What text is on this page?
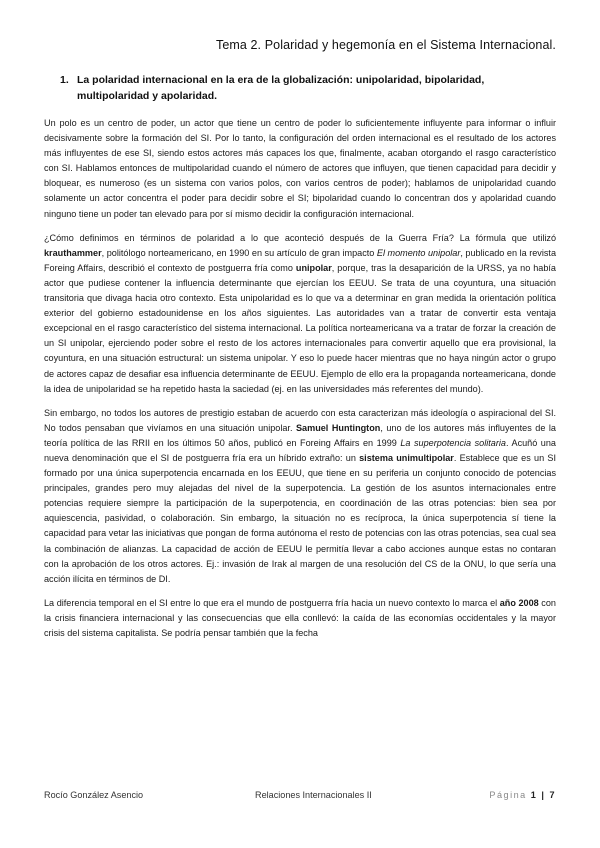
Tema 2. Polaridad y hegemonía en el Sistema Internacional.
1. La polaridad internacional en la era de la globalización: unipolaridad, bipolaridad, multipolaridad y apolaridad.

Un polo es un centro de poder, un actor que tiene un centro de poder lo suficientemente influyente para informar o influir decisivamente sobre la formación del SI. Por lo tanto, la configuración del orden internacional es el resultado de los actores más influyentes de ese SI, siendo estos actores más capaces los que, finalmente, acaban otorgando el rasgo característico con SI. Hablamos entonces de multipolaridad cuando el número de actores que influyen, que tienen capacidad para decidir y bloquear, es numeroso (es un sistema con varios polos, con varios centros de poder); hablamos de unipolaridad cuando solamente un actor concentra el poder para decidir sobre el SI; bipolaridad cuando lo concentran dos y apolaridad cuando ninguno tiene un poder tan elevado para por sí mismo decidir la configuración internacional.

¿Cómo definimos en términos de polaridad a lo que aconteció después de la Guerra Fría? La fórmula que utilizó krauthammer, politólogo norteamericano, en 1990 en su artículo de gran impacto El momento unipolar, publicado en la revista Foreing Affairs, describió el contexto de postguerra fría como unipolar, porque, tras la desaparición de la URSS, ya no había actor que pudiese contener la influencia determinante que ejercían los EEUU. Se trata de una coyuntura, una situación transitoria que divaga hacia otro contexto. Esta unipolaridad es lo que va a determinar en gran medida la orientación política exterior del gobierno estadounidense en los años siguientes. Las autoridades van a tratar de convertir esta ventaja excepcional en el rasgo característico del sistema internacional. La política norteamericana va a tratar de forzar la creación de un SI unipolar, ejerciendo poder sobre el resto de los actores internacionales para convertir aquello que era provisional, la coyuntura, en una situación estructural: un sistema unipolar. Y eso lo puede hacer mientras que no haya ningún actor o grupo de actores capaz de desafiar esa influencia determinante de EEUU. Ejemplo de ello era la propaganda norteamericana, donde la idea de unipolaridad se ha repetido hasta la saciedad (ej. en las universidades más referentes del mundo).

Sin embargo, no todos los autores de prestigio estaban de acuerdo con esta caracterizan más ideología o aspiracional del SI. No todos pensaban que vivíamos en una situación unipolar. Samuel Huntington, uno de los autores más influyentes de la teoría política de las RRII en los últimos 50 años, publicó en Foreing Affairs en 1999 La superpotencia solitaria. Acuñó una nueva denominación que el SI de postguerra fría era un híbrido extraño: un sistema unimultipolar. Establece que es un SI formado por una única superpotencia encarnada en los EEUU, que tiene en su periferia un conjunto conocido de potencias principales, grandes pero muy alejadas del nivel de la superpotencia. La gestión de los asuntos internacionales entre potencias requiere siempre la participación de la superpotencia, en coordinación de las otras potencias: bien sea por aquiescencia, pasividad, o colaboración. Sin embargo, la situación no es recíproca, la única superpotencia sí tiene la capacidad para vetar las iniciativas que pongan de forma autónoma el resto de potencias con las otras potencias, sea cual sea la combinación de alianzas. La capacidad de acción de EEUU le permitía llevar a cabo acciones aunque estas no contaran con la aprobación de los otros actores. Ej.: invasión de Irak al margen de una resolución del CS de la ONU, lo que sería una acción ilícita en términos de DI.

La diferencia temporal en el SI entre lo que era el mundo de postguerra fría hacia un nuevo contexto lo marca el año 2008 con la crisis financiera internacional y las consecuencias que ella conllevó: la caída de las economías occidentales y la mayor crisis del sistema capitalista. Se podría pensar también que la fecha

Rocío González Asencio	Relaciones Internacionales II	Página 1 | 7
